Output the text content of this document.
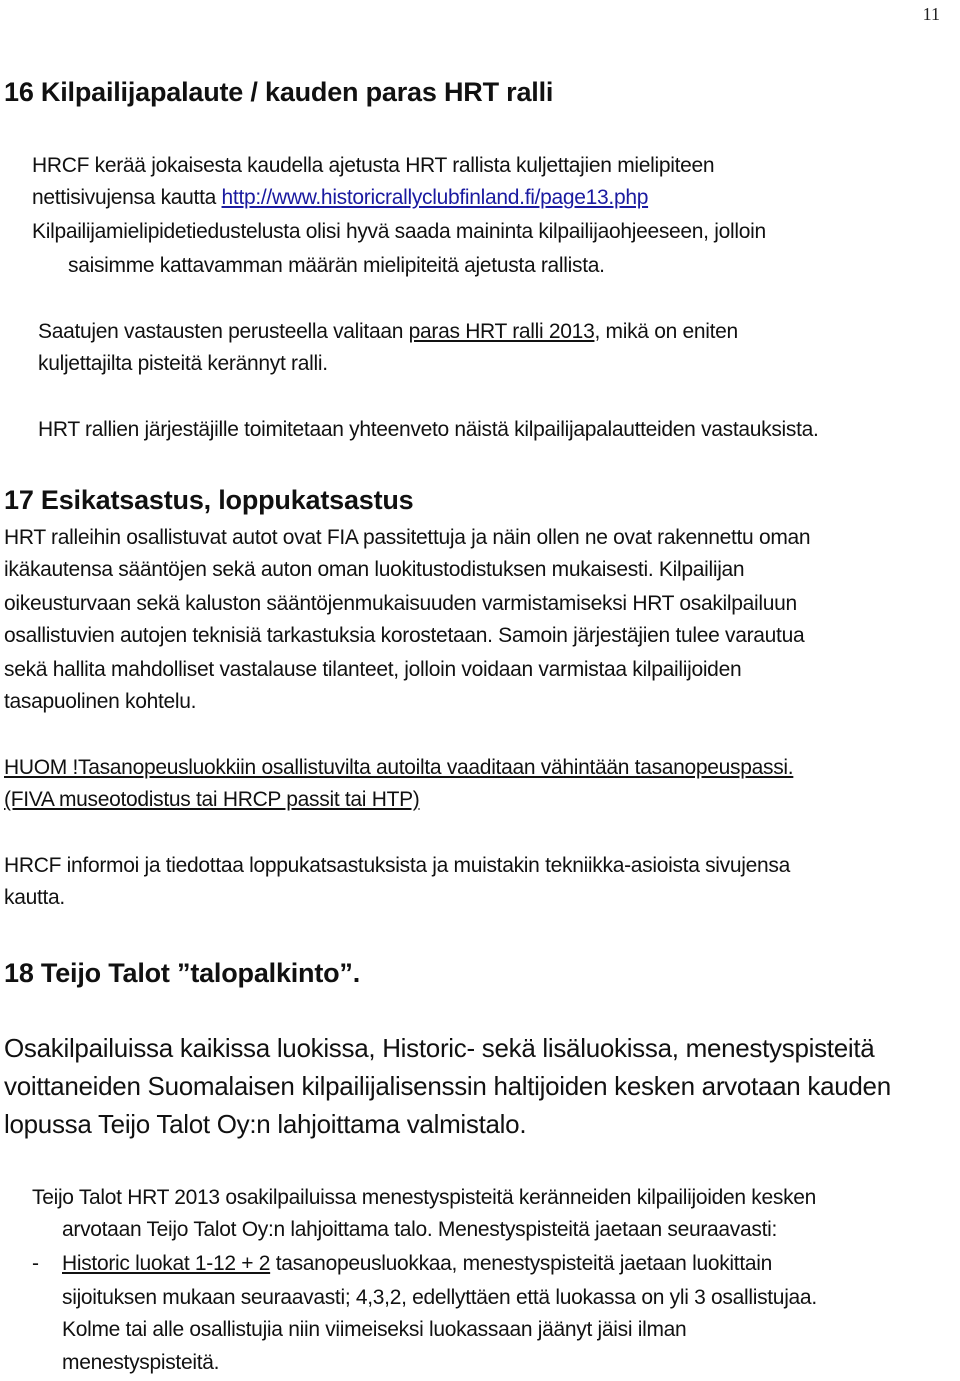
11
16 Kilpailijapalaute / kauden paras HRT ralli
HRCF kerää jokaisesta kaudella ajetusta HRT rallista kuljettajien mielipiteen
nettisivujensa kautta http://www.historicrallyclubfinland.fi/page13.php
Kilpailijamielipidetiedustelusta olisi hyvä saada maininta kilpailijaohjeeseen, jolloin
saisimme kattavamman määrän mielipiteitä ajetusta rallista.
Saatujen vastausten perusteella valitaan paras HRT ralli 2013, mikä on eniten
kuljettajilta pisteitä kerännyt ralli.
HRT rallien järjestäjille toimitetaan yhteenveto näistä kilpailijapalautteiden vastauksista.
17 Esikatsastus, loppukatsastus
HRT ralleihin osallistuvat autot ovat FIA passitettuja ja näin ollen ne ovat rakennettu oman
ikäkautensa sääntöjen sekä auton oman luokitustodistuksen mukaisesti. Kilpailijan
oikeusturvaan sekä kaluston sääntöjenmukaisuuden varmistamiseksi HRT osakilpailuun
osallistuvien autojen teknisiä tarkastuksia korostetaan. Samoin järjestäjien tulee varautua
sekä hallita mahdolliset vastalause tilanteet, jolloin voidaan varmistaa kilpailijoiden
tasapuolinen kohtelu.
HUOM !Tasanopeusluokkiin osallistuvilta autoilta vaaditaan vähintään tasanopeuspassi.
(FIVA museotodistus tai HRCP passit tai HTP)
HRCF informoi ja tiedottaa loppukatsastuksista ja muistakin tekniikka-asioista sivujensa
kautta.
18 Teijo Talot ”talopalkinto”.
Osakilpailuissa kaikissa luokissa, Historic- sekä lisäluokissa, menestyspisteitä
voittaneiden Suomalaisen kilpailijalisenssin haltijoiden kesken arvotaan kauden
lopussa Teijo Talot Oy:n lahjoittama valmistalo.
Teijo Talot HRT 2013 osakilpailuissa menestyspisteitä keränneiden kilpailijoiden kesken
arvotaan Teijo Talot Oy:n lahjoittama talo. Menestyspisteitä jaetaan seuraavasti:
- Historic luokat 1-12 + 2 tasanopeusluokkaa, menestyspisteitä jaetaan luokittain
sijoituksen mukaan seuraavasti; 4,3,2, edellyttäen että luokassa on yli 3 osallistujaa.
Kolme tai alle osallistujia niin viimeiseksi luokassaan jäänyt jäisi ilman
menestyspisteitä.
